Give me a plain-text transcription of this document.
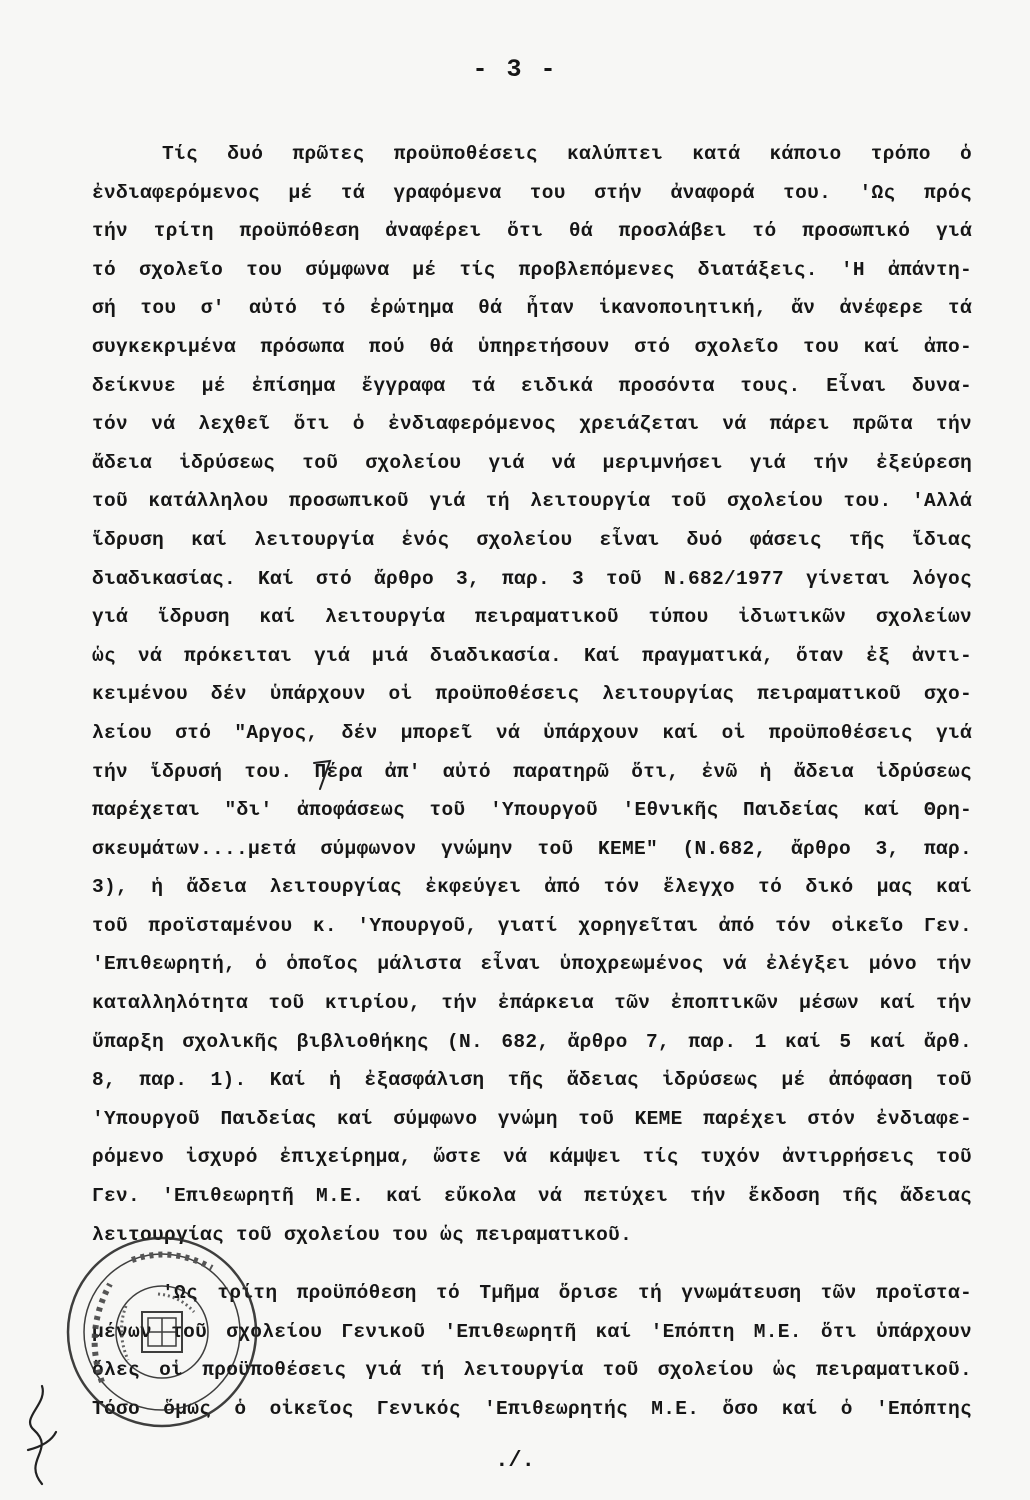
- 3 -
Τίς δυό πρῶτες προϋποθέσεις καλύπτει κατά κάποιο τρόπο ὁ
ἐνδιαφερόμενος μέ τά γραφόμενα του στήν ἀναφορά του. 'Ως πρός
τήν τρίτη προϋπόθεση ἀναφέρει ὅτι θά προσλάβει τό προσωπικό γιά
τό σχολεῖο του σύμφωνα μέ τίς προβλεπόμενες διατάξεις. 'Η ἀπάντη-
σή του σ' αὐτό τό ἐρώτημα θά ἦταν ἱκανοποιητική, ἄν ἀνέφερε τά
συγκεκριμένα πρόσωπα πού θά ὑπηρετήσουν στό σχολεῖο του καί ἀπο-
δείκνυε μέ ἐπίσημα ἔγγραφα τά ειδικά προσόντα τους. Εἶναι δυνα-
τόν νά λεχθεῖ ὅτι ὁ ἐνδιαφερόμενος χρειάζεται νά πάρει πρῶτα τήν
ἄδεια ἱδρύσεως τοῦ σχολείου γιά νά μεριμνήσει γιά τήν ἐξεύρεση
τοῦ κατάλληλου προσωπικοῦ γιά τή λειτουργία τοῦ σχολείου του. 'Αλλά
ἵδρυση καί λειτουργία ἑνός σχολείου εἶναι δυό φάσεις τῆς ἴδιας
διαδικασίας. Καί στό ἄρθρο 3, παρ. 3 τοῦ Ν.682/1977 γίνεται λόγος
γιά ἵδρυση καί λειτουργία πειραματικοῦ τύπου ἰδιωτικῶν σχολείων
ὡς νά πρόκειται γιά μιά διαδικασία. Καί πραγματικά, ὅταν ἐξ ἀντι-
κειμένου δέν ὑπάρχουν οἱ προϋποθέσεις λειτουργίας πειραματικοῦ σχο-
λείου στό "Αργος, δέν μπορεῖ νά ὑπάρχουν καί οἱ προϋποθέσεις γιά
τήν ἵδρυσή του. Πέρα ἀπ' αὐτό παρατηρῶ ὅτι, ἐνῶ ἡ ἄδεια ἱδρύσεως
παρέχεται "δι' ἀποφάσεως τοῦ 'Υπουργοῦ 'Εθνικῆς Παιδείας καί Θρη-
σκευμάτων....μετά σύμφωνον γνώμην τοῦ ΚΕΜΕ" (Ν.682, ἄρθρο 3, παρ.
3), ἡ ἄδεια λειτουργίας ἐκφεύγει ἀπό τόν ἔλεγχο τό δικό μας καί
τοῦ προϊσταμένου κ. 'Υπουργοῦ, γιατί χορηγεῖται ἀπό τόν οἰκεῖο Γεν.
'Επιθεωρητή, ὁ ὁποῖος μάλιστα εἶναι ὑποχρεωμένος νά ἐλέγξει μόνο τήν
καταλληλότητα τοῦ κτιρίου, τήν ἐπάρκεια τῶν ἐποπτικῶν μέσων καί τήν
ὕπαρξη σχολικῆς βιβλιοθήκης (Ν. 682, ἄρθρο 7, παρ. 1 καί 5 καί ἄρθ.
8, παρ. 1). Καί ἡ ἐξασφάλιση τῆς ἄδειας ἱδρύσεως μέ ἀπόφαση τοῦ
'Υπουργοῦ Παιδείας καί σύμφωνο γνώμη τοῦ ΚΕΜΕ παρέχει στόν ἐνδιαφε-
ρόμενο ἰσχυρό ἐπιχείρημα, ὥστε νά κάμψει τίς τυχόν ἀντιρρήσεις τοῦ
Γεν. 'Επιθεωρητῆ Μ.Ε. καί εὔκολα νά πετύχει τήν ἔκδοση τῆς ἄδειας
λειτουργίας τοῦ σχολείου του ὡς πειραματικοῦ.
'Ως τρίτη προϋπόθεση τό Τμῆμα ὅρισε τή γνωμάτευση τῶν προϊστα-
μένων τοῦ σχολείου Γενικοῦ 'Επιθεωρητῆ καί 'Επόπτη Μ.Ε. ὅτι ὑπάρχουν
ὅλες οἱ προϋποθέσεις γιά τή λειτουργία τοῦ σχολείου ὡς πειραματικοῦ.
Τόσο ὅμως ὁ οἰκεῖος Γενικός 'Επιθεωρητής Μ.Ε. ὅσο καί ὁ 'Επόπτης
./.
